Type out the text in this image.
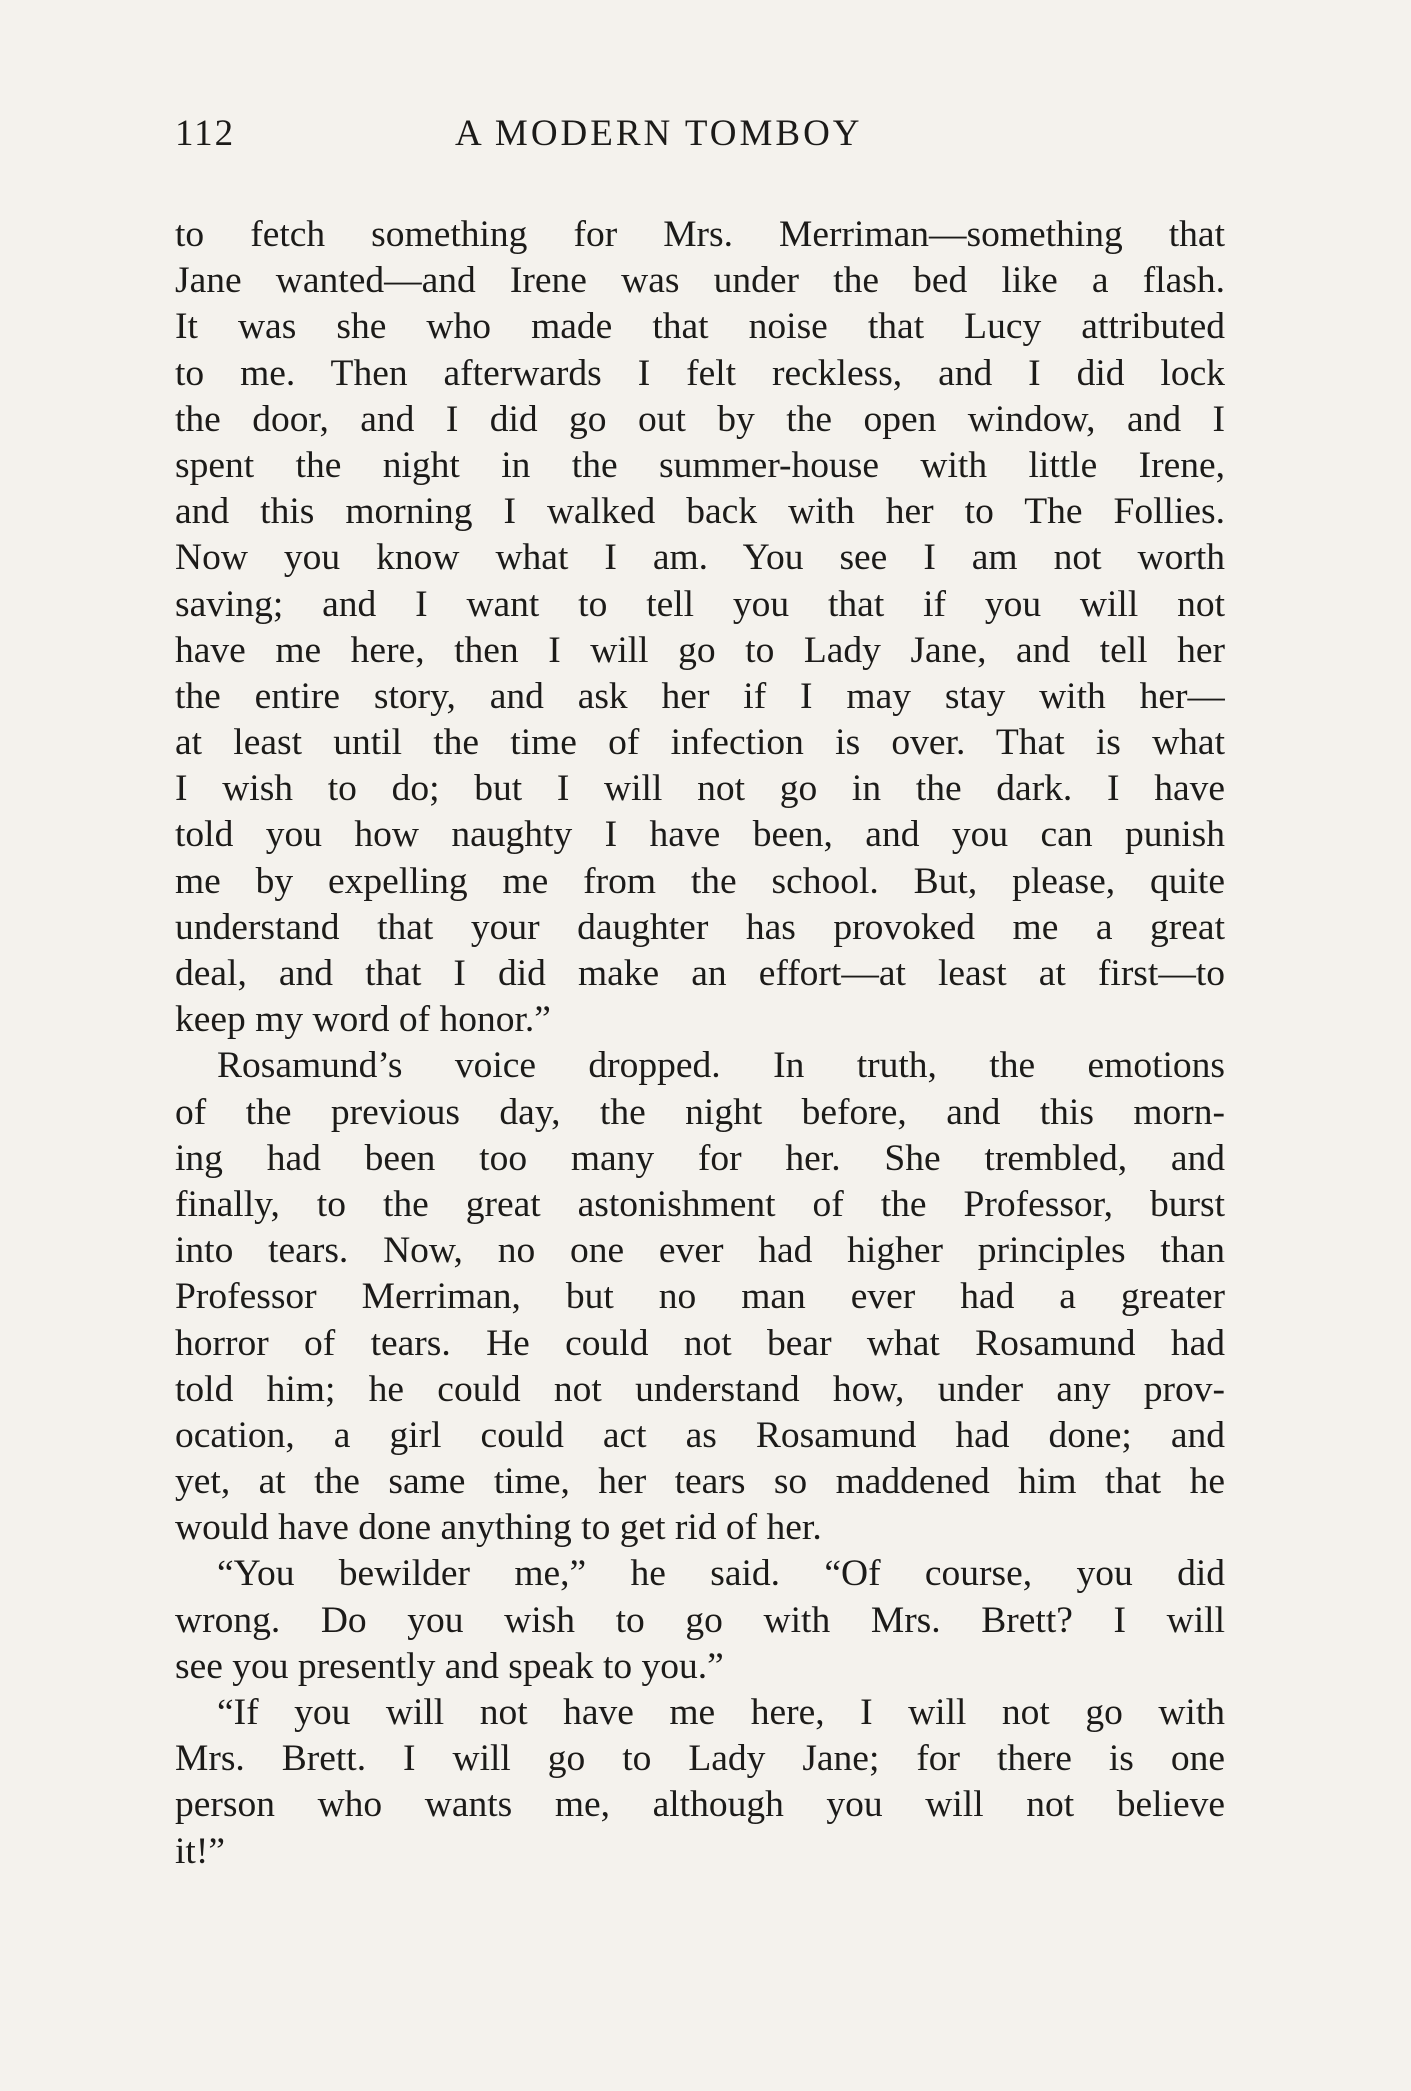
112	A MODERN TOMBOY
to fetch something for Mrs. Merriman—something that
Jane wanted—and Irene was under the bed like a flash.
It was she who made that noise that Lucy attributed
to me. Then afterwards I felt reckless, and I did lock
the door, and I did go out by the open window, and I
spent the night in the summer-house with little Irene,
and this morning I walked back with her to The Follies.
Now you know what I am. You see I am not worth
saving; and I want to tell you that if you will not
have me here, then I will go to Lady Jane, and tell her
the entire story, and ask her if I may stay with her—
at least until the time of infection is over. That is what
I wish to do; but I will not go in the dark. I have
told you how naughty I have been, and you can punish
me by expelling me from the school. But, please, quite
understand that your daughter has provoked me a great
deal, and that I did make an effort—at least at first—to
keep my word of honor.”
Rosamund’s voice dropped. In truth, the emotions
of the previous day, the night before, and this morn-
ing had been too many for her. She trembled, and
finally, to the great astonishment of the Professor, burst
into tears. Now, no one ever had higher principles than
Professor Merriman, but no man ever had a greater
horror of tears. He could not bear what Rosamund had
told him; he could not understand how, under any prov-
ocation, a girl could act as Rosamund had done; and
yet, at the same time, her tears so maddened him that he
would have done anything to get rid of her.
“You bewilder me,” he said. “Of course, you did
wrong. Do you wish to go with Mrs. Brett? I will
see you presently and speak to you.”
“If you will not have me here, I will not go with
Mrs. Brett. I will go to Lady Jane; for there is one
person who wants me, although you will not believe
it!”
